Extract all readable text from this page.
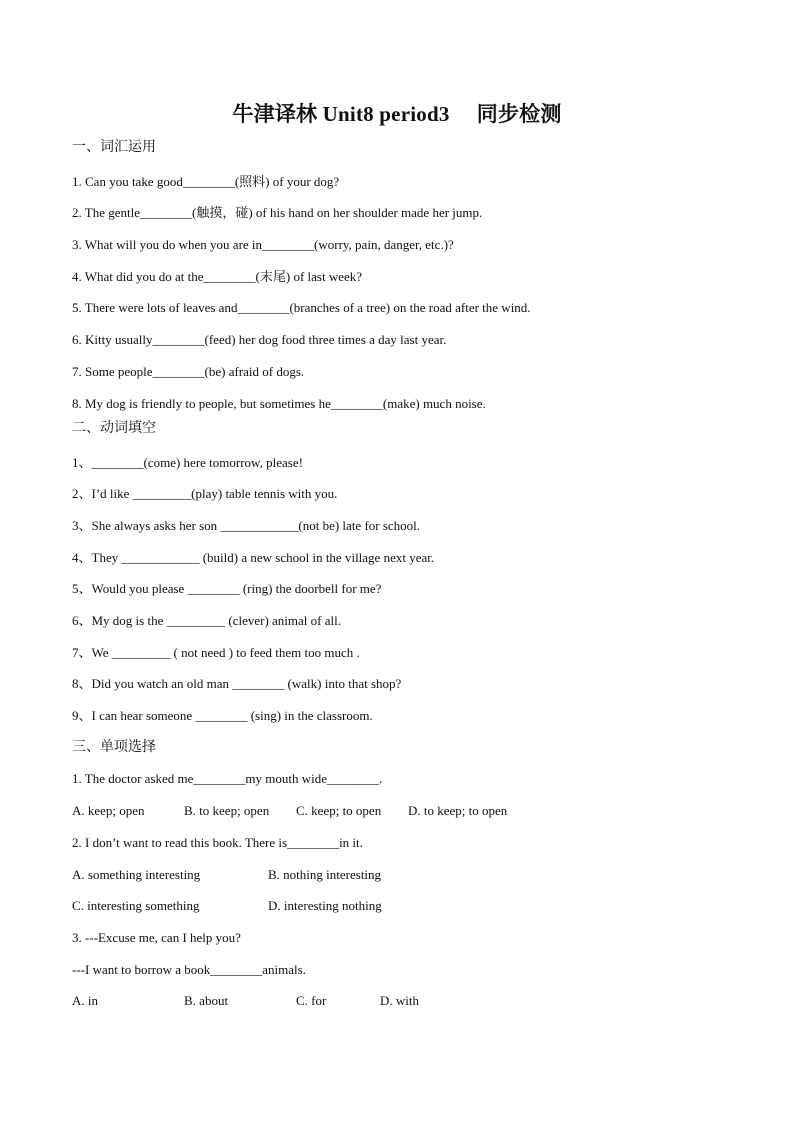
牛津译林 Unit8 period3     同步检测
一、词汇运用
1. Can you take good________(照料) of your dog?
2. The gentle________(触摸，碰) of his hand on her shoulder made her jump.
3. What will you do when you are in________(worry, pain, danger, etc.)?
4. What did you do at the________(末尾) of last week?
5. There were lots of leaves and________(branches of a tree) on the road after the wind.
6. Kitty usually________(feed) her dog food three times a day last year.
7. Some people________(be) afraid of dogs.
8. My dog is friendly to people, but sometimes he________(make) much noise.
二、动词填空
1、________(come) here tomorrow, please!
2、I’d like _________(play) table tennis with you.
3、She always asks her son ____________(not be) late for school.
4、They ____________ (build) a new school in the village next year.
5、Would you please ________ (ring) the doorbell for me?
6、My dog is the _________ (clever) animal of all.
7、We _________ ( not need ) to feed them too much .
8、Did you watch an old man ________ (walk) into that shop?
9、I can hear someone ________ (sing) in the classroom.
三、单项选择
1. The doctor asked me________my mouth wide________.
A. keep; open	B. to keep; open C. keep; to open D. to keep; to open
2. I don’t want to read this book. There is________in it.
A. something interesting	B. nothing interesting
C. interesting something	D. interesting nothing
3. ---Excuse me, can I help you?
---I want to borrow a book________animals.
A. in	B. about	C. for	D. with
